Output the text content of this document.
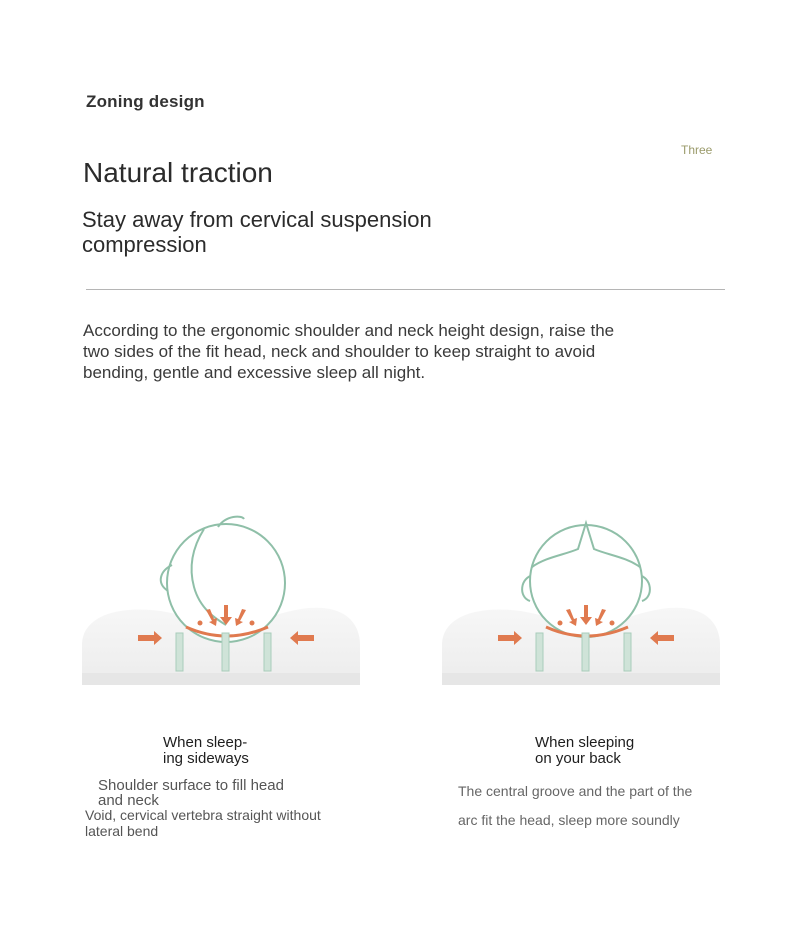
Zoning design
Three
Natural traction
Stay away from cervical suspension compression
According to the ergonomic shoulder and neck height design, raise the two sides of the fit head, neck and shoulder to keep straight to avoid bending, gentle and excessive sleep all night.
When sleep-
ing sideways
Shoulder surface to fill head
and neck
Void, cervical vertebra straight without
lateral bend
When sleeping
on your back
The central groove and the part of the
arc fit the head, sleep more soundly
